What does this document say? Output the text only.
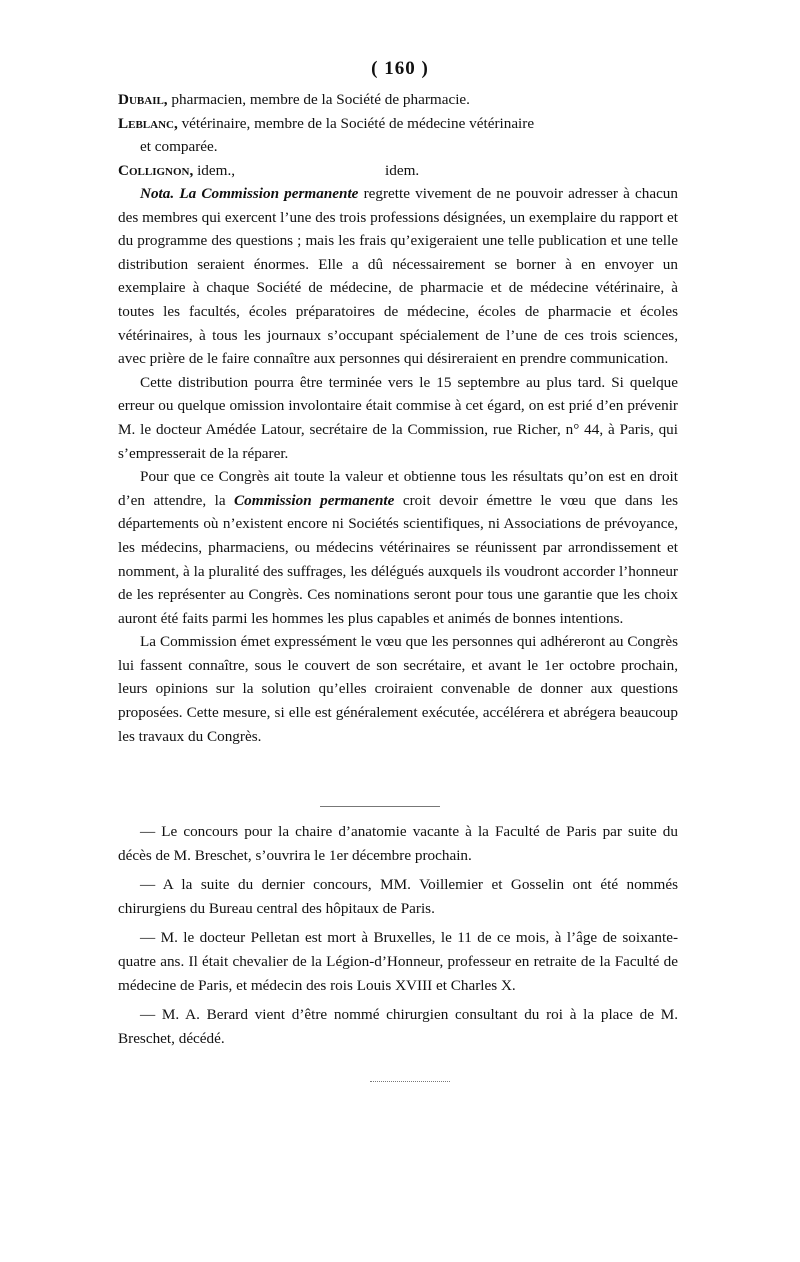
( 160 )

Dubail, pharmacien, membre de la Société de pharmacie.

Leblanc, vétérinaire, membre de la Société de médecine vétérinaire

et comparée.

Collignon, idem.,	idem.

Nota. La Commission permanente regrette vivement de ne pouvoir adresser à chacun des membres qui exercent l’une des trois professions désignées, un exemplaire du rapport et du programme des questions ; mais les frais qu’exigeraient une telle publication et une telle distribution seraient énormes. Elle a dû nécessairement se borner à en envoyer un exemplaire à chaque Société de médecine, de pharmacie et de médecine vétérinaire, à toutes les facultés, écoles préparatoires de médecine, écoles de pharmacie et écoles vétérinaires, à tous les journaux s’occupant spécialement de l’une de ces trois sciences, avec prière de le faire connaître aux personnes qui désireraient en prendre communication.

Cette distribution pourra être terminée vers le 15 septembre au plus tard. Si quelque erreur ou quelque omission involontaire était commise à cet égard, on est prié d’en prévenir M. le docteur Amédée Latour, secrétaire de la Commission, rue Richer, n° 44, à Paris, qui s’empresserait de la réparer.

Pour que ce Congrès ait toute la valeur et obtienne tous les résultats qu’on est en droit d’en attendre, la Commission permanente croit devoir émettre le vœu que dans les départements où n’existent encore ni Sociétés scientifiques, ni Associations de prévoyance, les médecins, pharmaciens, ou médecins vétérinaires se réunissent par arrondissement et nomment, à la pluralité des suffrages, les délégués auxquels ils voudront accorder l’honneur de les représenter au Congrès. Ces nominations seront pour tous une garantie que les choix auront été faits parmi les hommes les plus capables et animés de bonnes intentions.

La Commission émet expressément le vœu que les personnes qui adhéreront au Congrès lui fassent connaître, sous le couvert de son secrétaire, et avant le 1er octobre prochain, leurs opinions sur la solution qu’elles croiraient convenable de donner aux questions proposées. Cette mesure, si elle est généralement exécutée, accélérera et abrégera beaucoup les travaux du Congrès.

— Le concours pour la chaire d’anatomie vacante à la Faculté de Paris par suite du décès de M. Breschet, s’ouvrira le 1er décembre prochain.

— A la suite du dernier concours, MM. Voillemier et Gosselin ont été nommés chirurgiens du Bureau central des hôpitaux de Paris.

— M. le docteur Pelletan est mort à Bruxelles, le 11 de ce mois, à l’âge de soixante-quatre ans. Il était chevalier de la Légion-d’Honneur, professeur en retraite de la Faculté de médecine de Paris, et médecin des rois Louis XVIII et Charles X.

— M. A. Berard vient d’être nommé chirurgien consultant du roi à la place de M. Breschet, décédé.
